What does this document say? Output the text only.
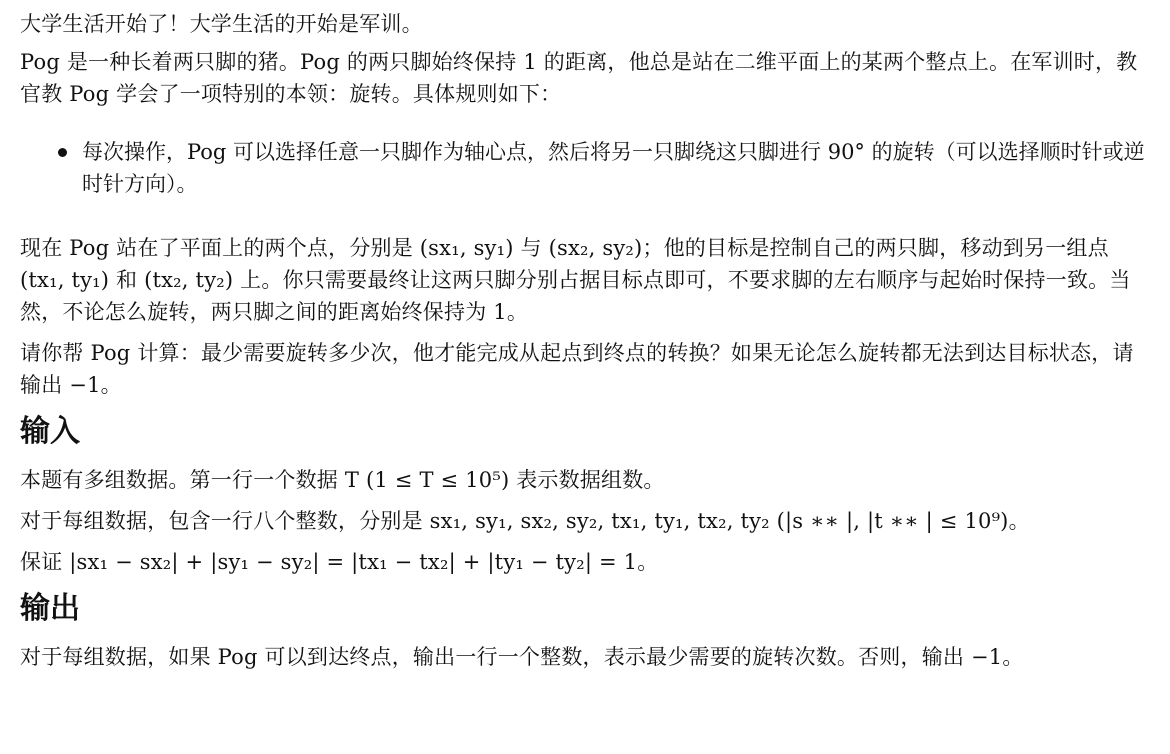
大学生活开始了！大学生活的开始是军训。

Pog 是一种长着两只脚的猪。Pog 的两只脚始终保持 1 的距离，他总是站在二维平面上的某两个整点上。在军训时，教官教 Pog 学会了一项特别的本领：旋转。具体规则如下：

每次操作，Pog 可以选择任意一只脚作为轴心点，然后将另一只脚绕这只脚进行 90° 的旋转（可以选择顺时针或逆时针方向）。

现在 Pog 站在了平面上的两个点，分别是 (sx₁, sy₁) 与 (sx₂, sy₂)；他的目标是控制自己的两只脚，移动到另一组点 (tx₁, ty₁) 和 (tx₂, ty₂) 上。你只需要最终让这两只脚分别占据目标点即可，不要求脚的左右顺序与起始时保持一致。当然，不论怎么旋转，两只脚之间的距离始终保持为 1。

请你帮 Pog 计算：最少需要旋转多少次，他才能完成从起点到终点的转换？如果无论怎么旋转都无法到达目标状态，请输出 −1。

输入

本题有多组数据。第一行一个数据 T (1 ≤ T ≤ 10⁵) 表示数据组数。

对于每组数据，包含一行八个整数，分别是 sx₁, sy₁, sx₂, sy₂, tx₁, ty₁, tx₂, ty₂ (|s ∗∗ |, |t ∗∗ | ≤ 10⁹)。

保证 |sx₁ − sx₂| + |sy₁ − sy₂| = |tx₁ − tx₂| + |ty₁ − ty₂| = 1。

输出

对于每组数据，如果 Pog 可以到达终点，输出一行一个整数，表示最少需要的旋转次数。否则，输出 −1。
